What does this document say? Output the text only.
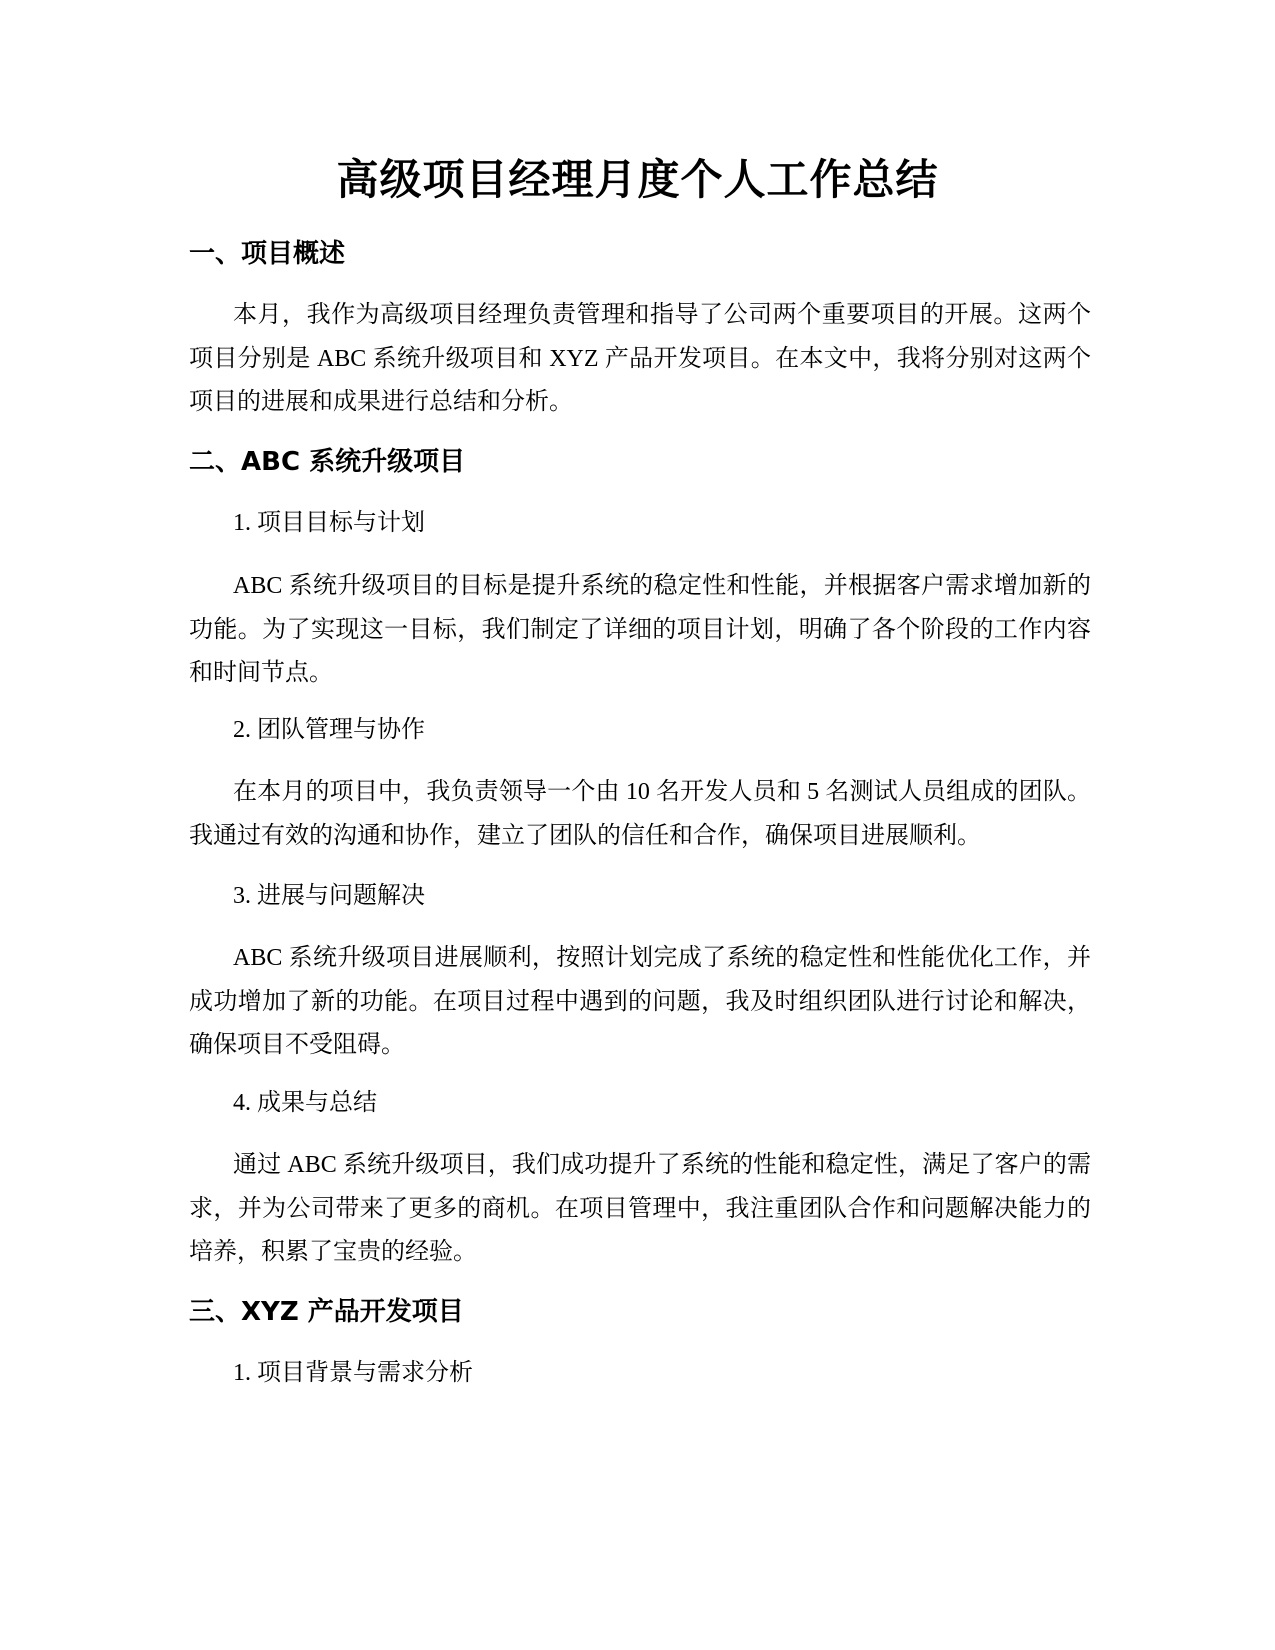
高级项目经理月度个人工作总结
一、项目概述

本月，我作为高级项目经理负责管理和指导了公司两个重要项目的开展。这两个项目分别是 ABC 系统升级项目和 XYZ 产品开发项目。在本文中，我将分别对这两个项目的进展和成果进行总结和分析。

二、ABC 系统升级项目

1. 项目目标与计划

ABC 系统升级项目的目标是提升系统的稳定性和性能，并根据客户需求增加新的功能。为了实现这一目标，我们制定了详细的项目计划，明确了各个阶段的工作内容和时间节点。

2. 团队管理与协作

在本月的项目中，我负责领导一个由 10 名开发人员和 5 名测试人员组成的团队。我通过有效的沟通和协作，建立了团队的信任和合作，确保项目进展顺利。

3. 进展与问题解决

ABC 系统升级项目进展顺利，按照计划完成了系统的稳定性和性能优化工作，并成功增加了新的功能。在项目过程中遇到的问题，我及时组织团队进行讨论和解决，确保项目不受阻碍。

4. 成果与总结

通过 ABC 系统升级项目，我们成功提升了系统的性能和稳定性，满足了客户的需求，并为公司带来了更多的商机。在项目管理中，我注重团队合作和问题解决能力的培养，积累了宝贵的经验。

三、XYZ 产品开发项目

1. 项目背景与需求分析
